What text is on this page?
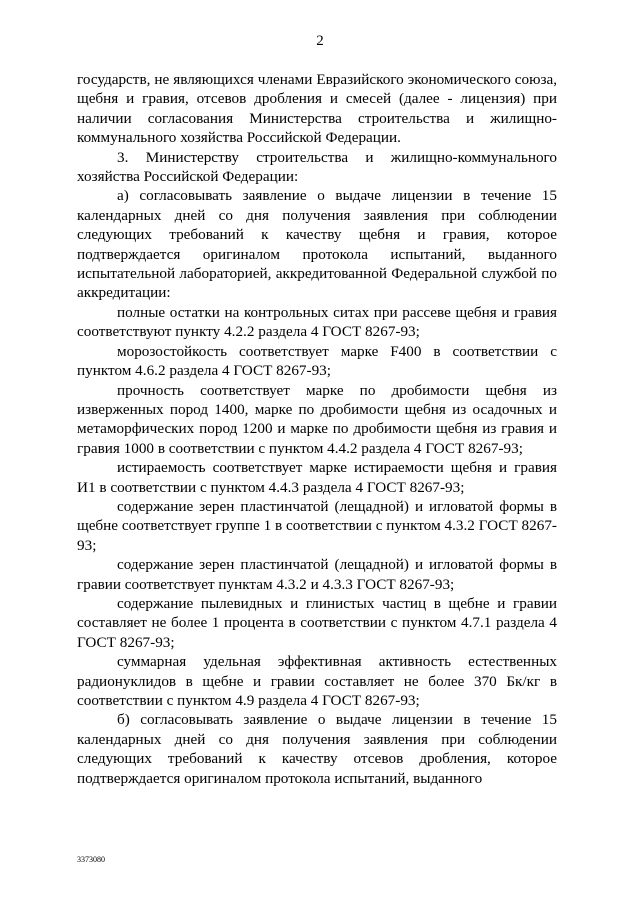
2

государств, не являющихся членами Евразийского экономического союза, щебня и гравия, отсевов дробления и смесей (далее - лицензия) при наличии согласования Министерства строительства и жилищно-коммунального хозяйства Российской Федерации.

3. Министерству строительства и жилищно-коммунального хозяйства Российской Федерации:

а) согласовывать заявление о выдаче лицензии в течение 15 календарных дней со дня получения заявления при соблюдении следующих требований к качеству щебня и гравия, которое подтверждается оригиналом протокола испытаний, выданного испытательной лабораторией, аккредитованной Федеральной службой по аккредитации:

полные остатки на контрольных ситах при рассеве щебня и гравия соответствуют пункту 4.2.2 раздела 4 ГОСТ 8267-93;

морозостойкость соответствует марке F400 в соответствии с пунктом 4.6.2 раздела 4 ГОСТ 8267-93;

прочность соответствует марке по дробимости щебня из изверженных пород 1400, марке по дробимости щебня из осадочных и метаморфических пород 1200 и марке по дробимости щебня из гравия и гравия 1000 в соответствии с пунктом 4.4.2 раздела 4 ГОСТ 8267-93;

истираемость соответствует марке истираемости щебня и гравия И1 в соответствии с пунктом 4.4.3 раздела 4 ГОСТ 8267-93;

содержание зерен пластинчатой (лещадной) и игловатой формы в щебне соответствует группе 1 в соответствии с пунктом 4.3.2 ГОСТ 8267-93;

содержание зерен пластинчатой (лещадной) и игловатой формы в гравии соответствует пунктам 4.3.2 и 4.3.3 ГОСТ 8267-93;

содержание пылевидных и глинистых частиц в щебне и гравии составляет не более 1 процента в соответствии с пунктом 4.7.1 раздела 4 ГОСТ 8267-93;

суммарная удельная эффективная активность естественных радионуклидов в щебне и гравии составляет не более 370 Бк/кг в соответствии с пунктом 4.9 раздела 4 ГОСТ 8267-93;

б) согласовывать заявление о выдаче лицензии в течение 15 календарных дней со дня получения заявления при соблюдении следующих требований к качеству отсевов дробления, которое подтверждается оригиналом протокола испытаний, выданного

3373080
